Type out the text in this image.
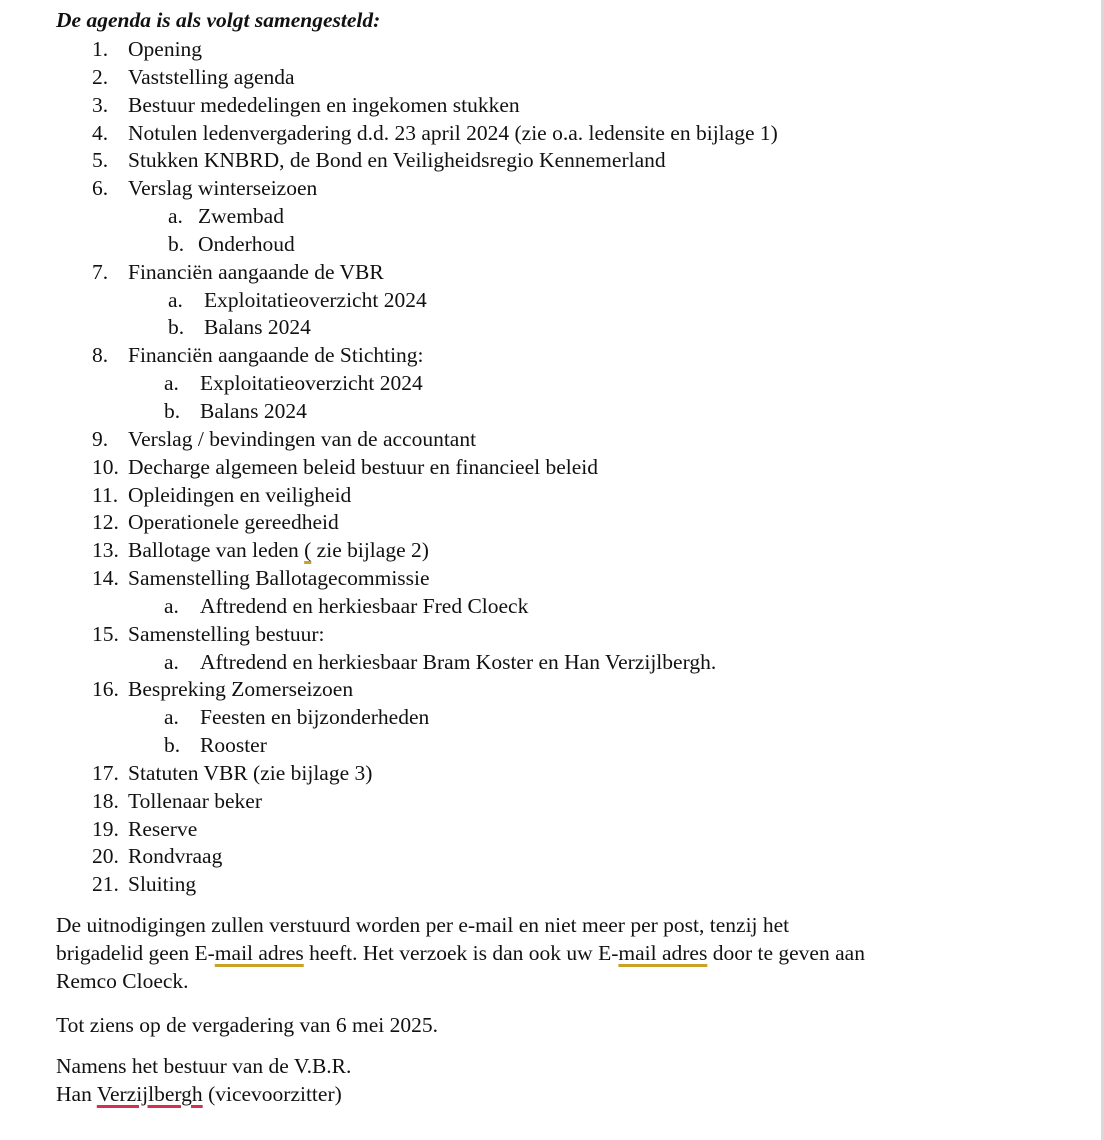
De agenda is als volgt samengesteld:
1. Opening
2. Vaststelling agenda
3. Bestuur mededelingen en ingekomen stukken
4. Notulen ledenvergadering d.d. 23 april 2024 (zie o.a. ledensite en bijlage 1)
5. Stukken KNBRD, de Bond en Veiligheidsregio Kennemerland
6. Verslag winterseizoen
a. Zwembad
b. Onderhoud
7. Financiën aangaande de VBR
a. Exploitatieoverzicht 2024
b. Balans 2024
8. Financiën aangaande de Stichting:
a. Exploitatieoverzicht 2024
b. Balans 2024
9. Verslag / bevindingen van de accountant
10. Decharge algemeen beleid bestuur en financieel beleid
11. Opleidingen en veiligheid
12. Operationele gereedheid
13. Ballotage van leden ( zie bijlage 2)
14. Samenstelling Ballotagecommissie
a. Aftredend en herkiesbaar Fred Cloeck
15. Samenstelling bestuur:
a. Aftredend en herkiesbaar Bram Koster en Han Verzijlbergh.
16. Bespreking Zomerseizoen
a. Feesten en bijzonderheden
b. Rooster
17. Statuten VBR (zie bijlage 3)
18. Tollenaar beker
19. Reserve
20. Rondvraag
21. Sluiting
De uitnodigingen zullen verstuurd worden per e-mail en niet meer per post, tenzij het
brigadelid geen E-mail adres heeft. Het verzoek is dan ook uw E-mail adres door te geven aan
Remco Cloeck.
Tot ziens op de vergadering van 6 mei 2025.
Namens het bestuur van de V.B.R.
Han Verzijlbergh (vicevoorzitter)
